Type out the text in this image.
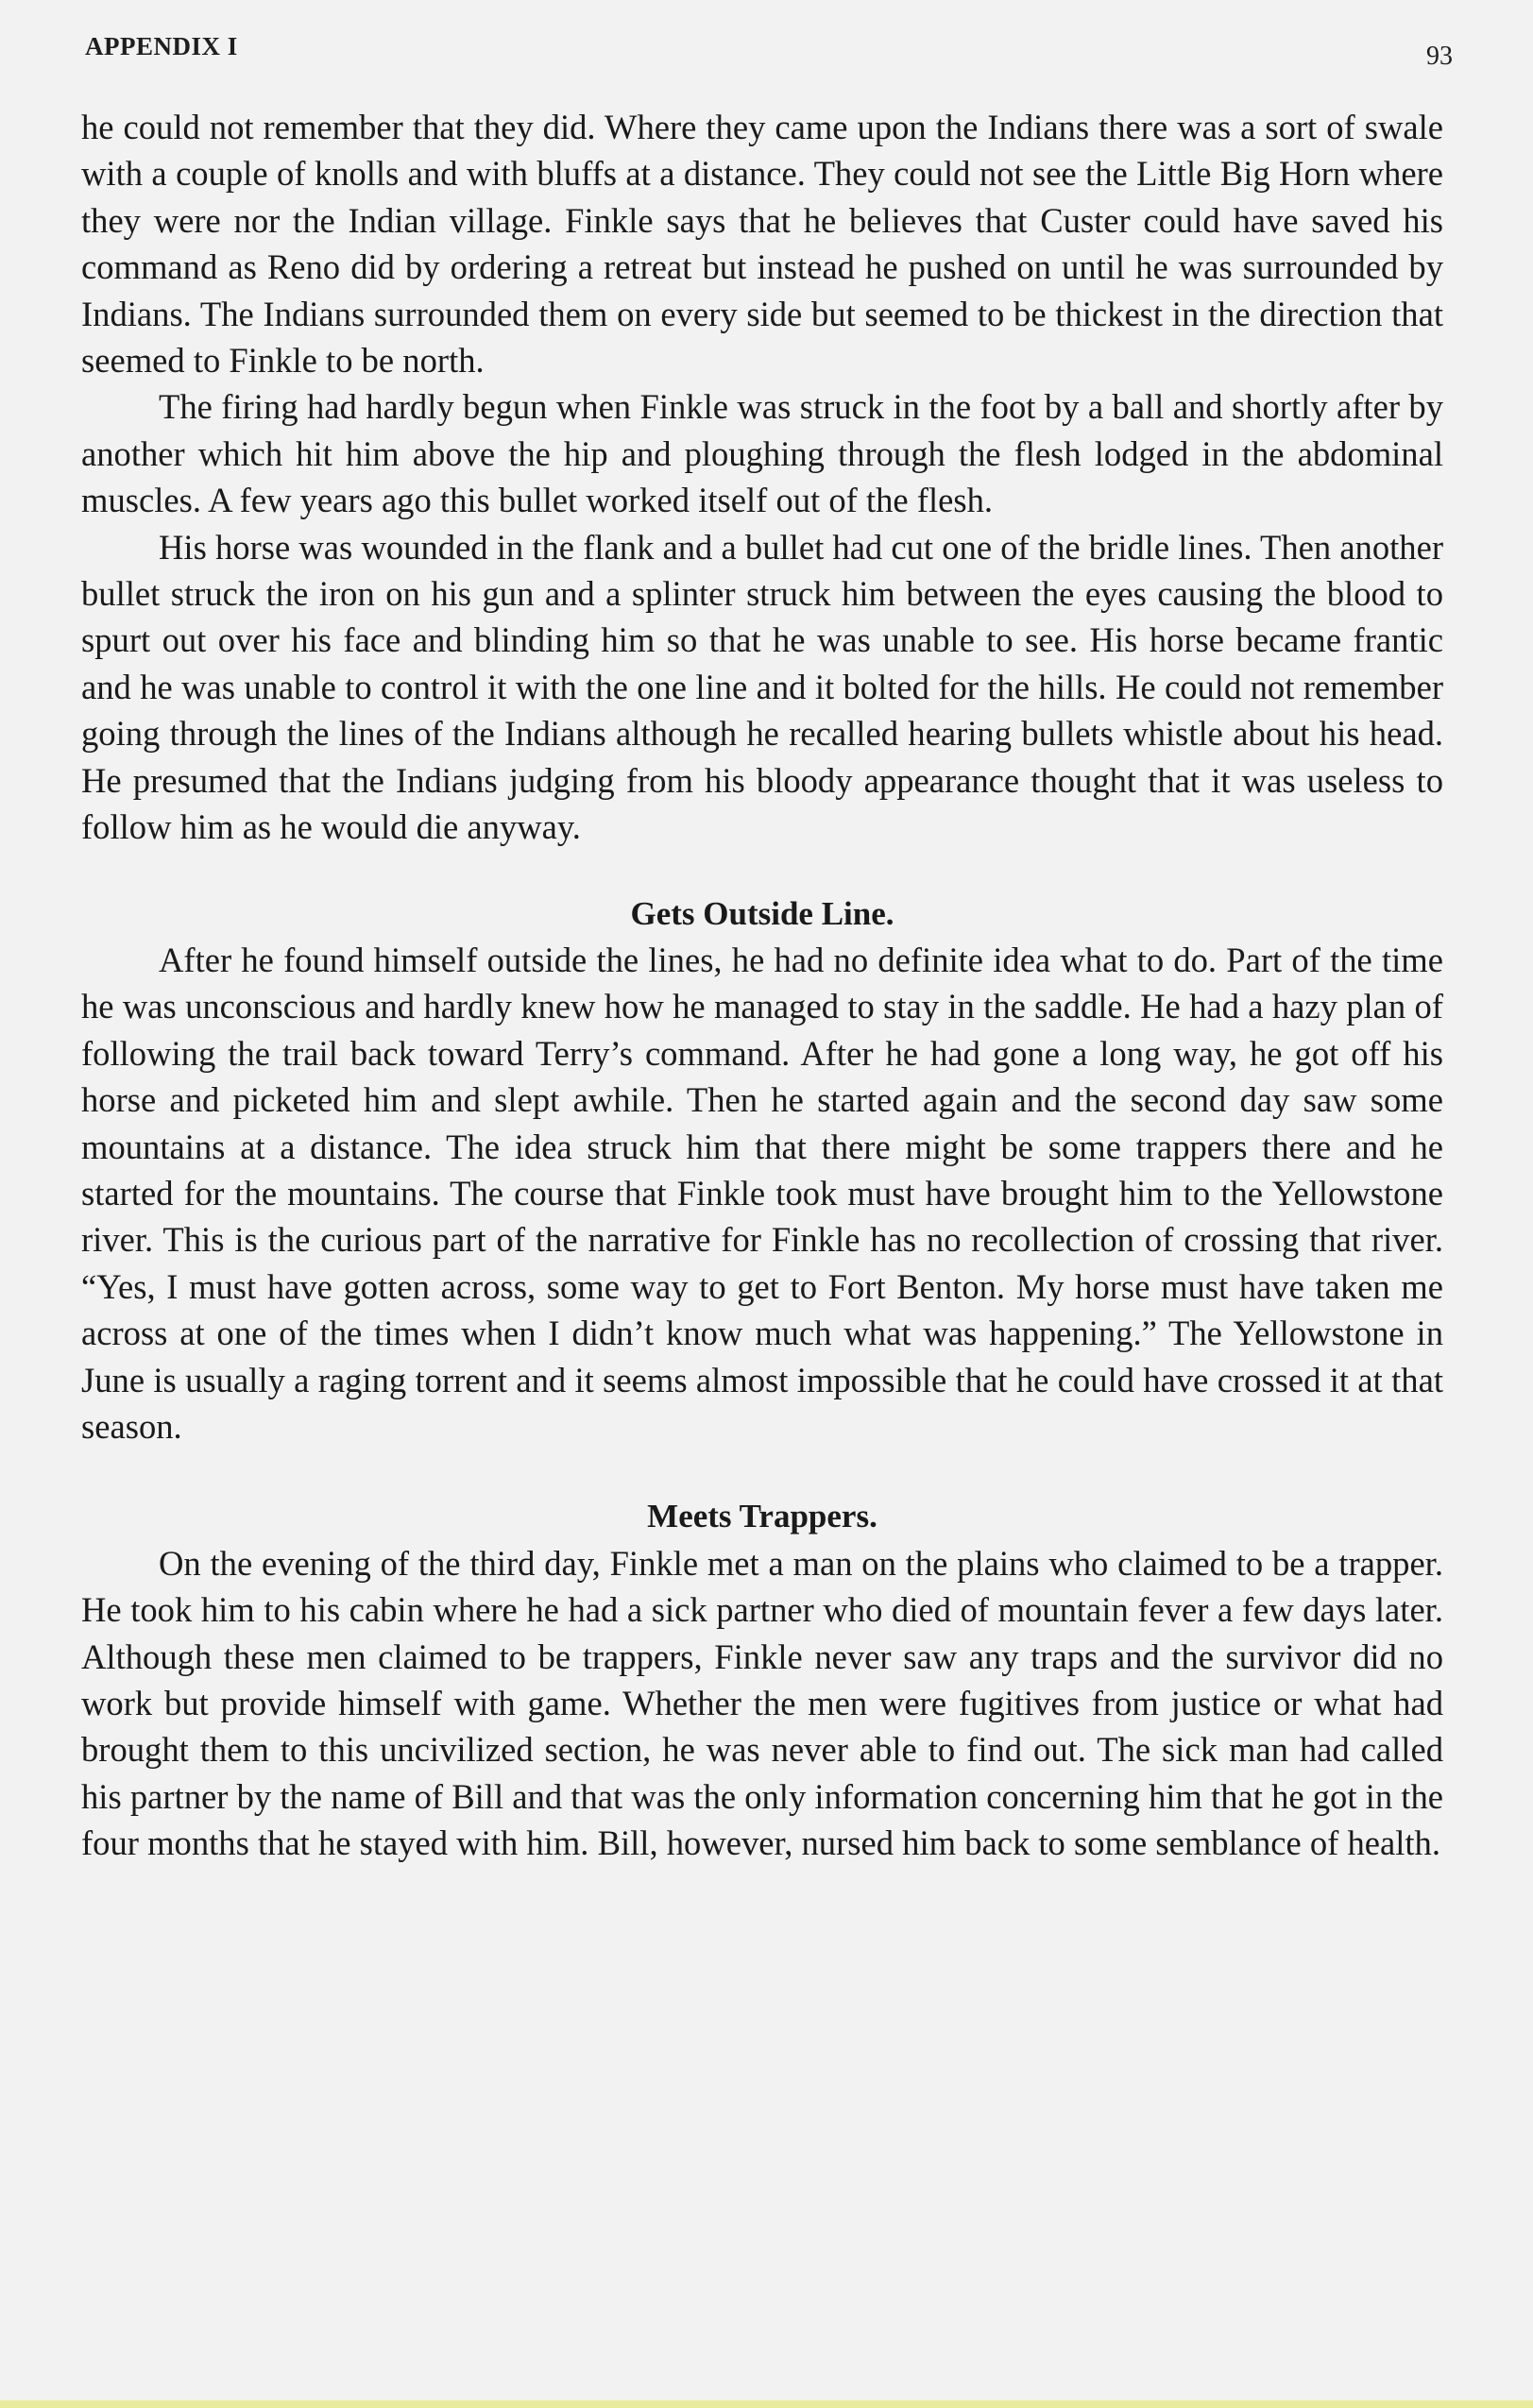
APPENDIX I	93

he could not remember that they did. Where they came upon the Indians there was a sort of swale with a couple of knolls and with bluffs at a distance. They could not see the Little Big Horn where they were nor the Indian village. Finkle says that he believes that Custer could have saved his command as Reno did by ordering a retreat but instead he pushed on until he was surrounded by Indians. The Indians surrounded them on every side but seemed to be thickest in the direction that seemed to Finkle to be north.

The firing had hardly begun when Finkle was struck in the foot by a ball and shortly after by another which hit him above the hip and ploughing through the flesh lodged in the abdominal muscles. A few years ago this bullet worked itself out of the flesh.

His horse was wounded in the flank and a bullet had cut one of the bridle lines. Then another bullet struck the iron on his gun and a splinter struck him between the eyes causing the blood to spurt out over his face and blinding him so that he was unable to see. His horse became frantic and he was unable to control it with the one line and it bolted for the hills. He could not remember going through the lines of the Indians although he recalled hearing bullets whistle about his head. He presumed that the Indians judging from his bloody appearance thought that it was useless to follow him as he would die anyway.

Gets Outside Line.

After he found himself outside the lines, he had no definite idea what to do. Part of the time he was unconscious and hardly knew how he managed to stay in the saddle. He had a hazy plan of following the trail back toward Terry’s command. After he had gone a long way, he got off his horse and picketed him and slept awhile. Then he started again and the second day saw some mountains at a distance. The idea struck him that there might be some trappers there and he started for the mountains. The course that Finkle took must have brought him to the Yellowstone river. This is the curious part of the narrative for Finkle has no recollection of crossing that river. “Yes, I must have gotten across, some way to get to Fort Benton. My horse must have taken me across at one of the times when I didn’t know much what was happening.” The Yellowstone in June is usually a raging torrent and it seems almost impossible that he could have crossed it at that season.

Meets Trappers.

On the evening of the third day, Finkle met a man on the plains who claimed to be a trapper. He took him to his cabin where he had a sick partner who died of mountain fever a few days later. Although these men claimed to be trappers, Finkle never saw any traps and the survivor did no work but provide himself with game. Whether the men were fugitives from justice or what had brought them to this uncivilized section, he was never able to find out. The sick man had called his partner by the name of Bill and that was the only information concerning him that he got in the four months that he stayed with him. Bill, however, nursed him back to some semblance of health.
